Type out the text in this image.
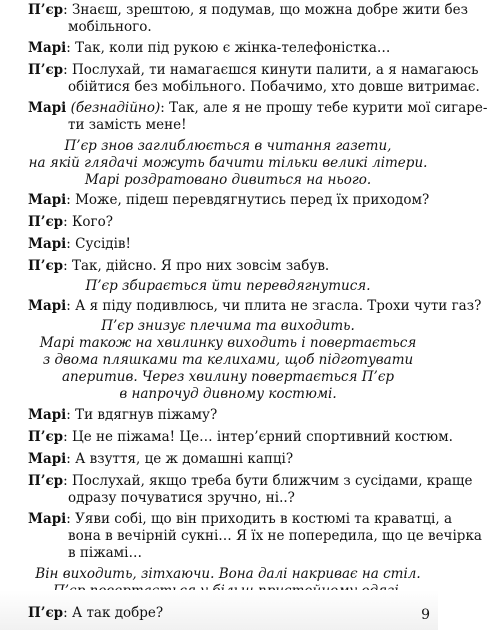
П’єр: Знаєш, зрештою, я подумав, що можна добре жити без
мобільного.
Марі: Так, коли під рукою є жінка-телефоністка…
П’єр: Послухай, ти намагаєшся кинути палити, а я намагаюсь
обійтися без мобільного. Побачимо, хто довше витримає.
Марі (безнадійно): Так, але я не прошу тебе курити мої сигаре-
ти замість мене!
П’єр знов заглиблюється в читання газети,
на якій глядачі можуть бачити тільки великі літери.
Марі роздратовано дивиться на нього.
Марі: Може, підеш перевдягнутись перед їх приходом?
П’єр: Кого?
Марі: Сусідів!
П’єр: Так, дійсно. Я про них зовсім забув.
П’єр збирається йти перевдягнутися.
Марі: А я піду подивлюсь, чи плита не згасла. Трохи чути газ?
П’єр знизує плечима та виходить.
Марі також на хвилинку виходить і повертається
з двома пляшками та келихами, щоб підготувати
аперитив. Через хвилину повертається П’єр
в напрочуд дивному костюмі.
Марі: Ти вдягнув піжаму?
П’єр: Це не піжама! Це… інтер’єрний спортивний костюм.
Марі: А взуття, це ж домашні капці?
П’єр: Послухай, якщо треба бути ближчим з сусідами, краще
одразу почуватися зручно, ні..?
Марі: Уяви собі, що він приходить в костюмі та краватці, а
вона в вечірній сукні… Я їх не попередила, що це вечірка
в піжамі…
Він виходить, зітхаючи. Вона далі накриває на стіл.
П’єр: А так добре?	9
